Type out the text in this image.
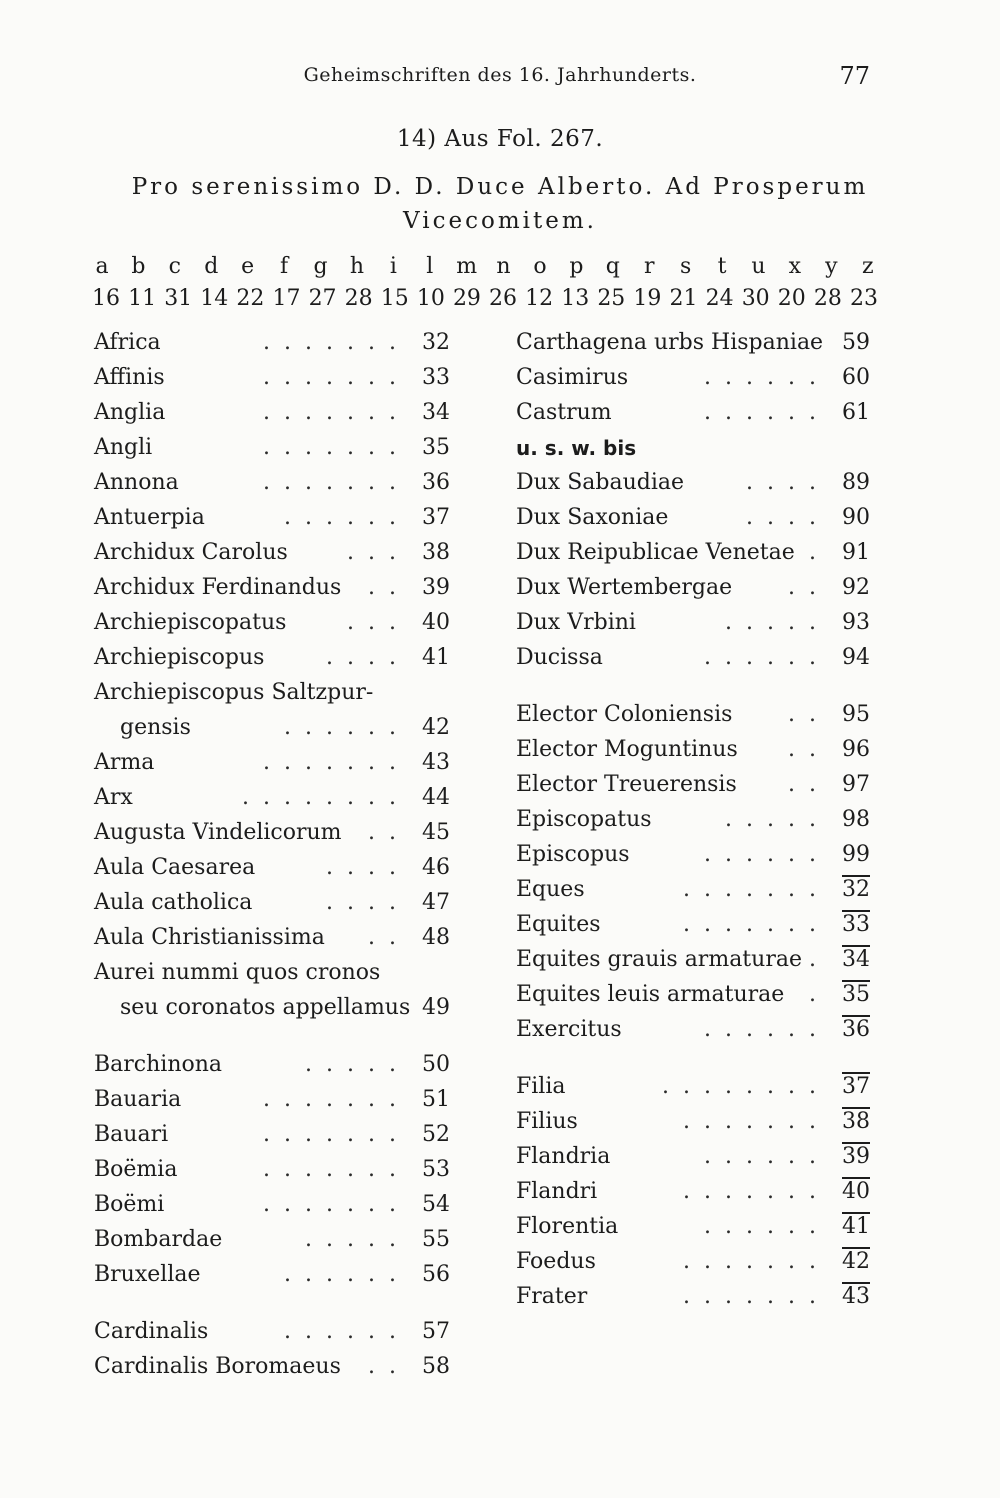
Geheimschriften des 16. Jahrhunderts.	77
14) Aus Fol. 267.
Pro serenissimo D. D. Duce Alberto. Ad Prosperum
Vicecomitem.
a b c d e f g h i l m n o p q r s t u x y z
16 11 31 14 22 17 27 28 15 10 29 26 12 13 25 19 21 24 30 20 28 23
Africa	32
.......
Affinis	33
.......
Anglia	34
.......
Angli	35
.......
Annona	36
.......
Antuerpia	37
......
Archidux Carolus	38
...
Archidux Ferdinandus	39
..
Archiepiscopatus	40
...
Archiepiscopus	41
....
Archiepiscopus Saltzpur-
gensis	42
......
Arma	43
.......
Arx	44
........
Augusta Vindelicorum	45
..
Aula Caesarea	46
....
Aula catholica	47
....
Aula Christianissima	48
..
Aurei nummi quos cronos
seu coronatos appellamus 49
Barchinona	50
.....
Bauaria	51
.......
Bauari	52
.......
Boëmia	53
.......
Boëmi	54
.......
Bombardae	55
.....
Bruxellae	56
......
Cardinalis	57
......
Cardinalis Boromaeus	58
..
Carthagena urbs Hispaniae 59
Casimirus	60
......
Castrum	61
......
u. s. w. bis
Dux Sabaudiae	89
....
Dux Saxoniae	90
....
Dux Reipublicae Venetae 91
.
Dux Wertembergae	92
..
Dux Vrbini	93
.....
Ducissa	94
......
Elector Coloniensis	95
..
Elector Moguntinus	96
..
Elector Treuerensis	97
..
Episcopatus	98
.....
Episcopus	99
......
Eques	32
.......
Equites	33
.......
Equites grauis armaturae 34
.
Equites leuis armaturae	35
.
Exercitus	36
......
Filia	37
........
Filius	38
.......
Flandria	39
......
Flandri	40
.......
Florentia	41
......
Foedus	42
.......
Frater	43
.......
